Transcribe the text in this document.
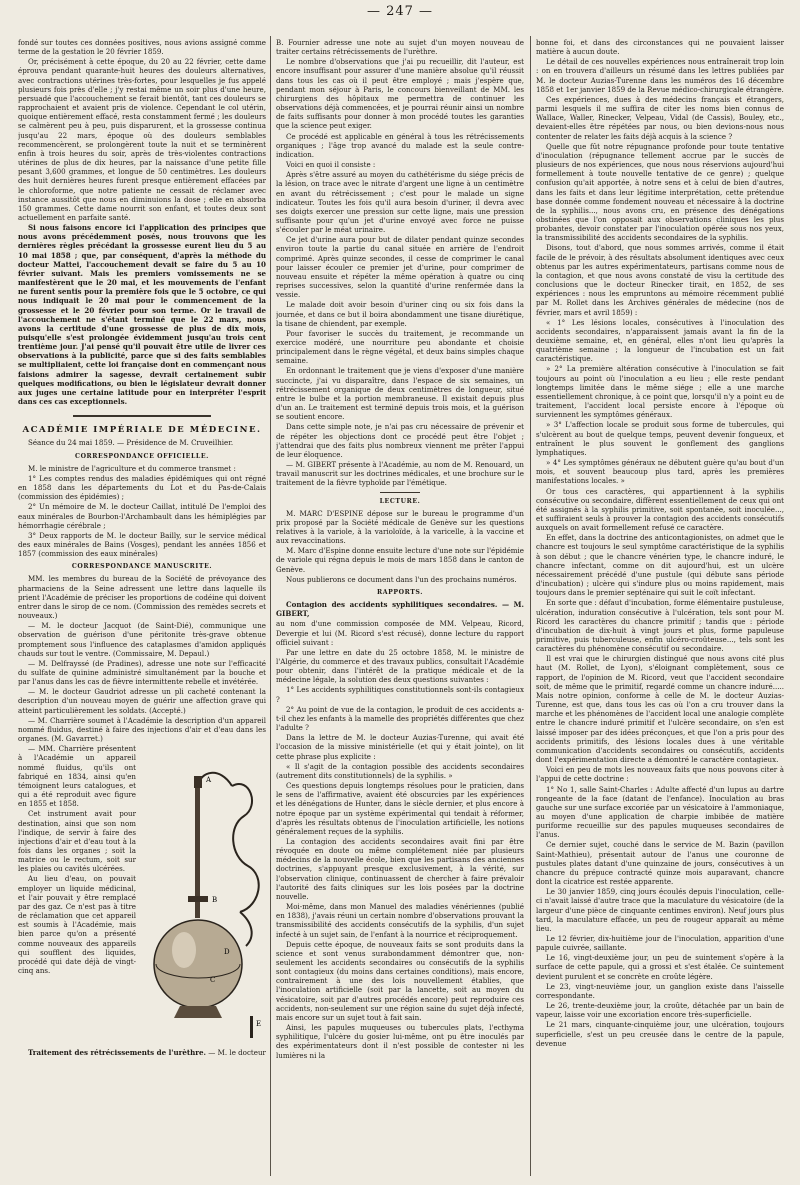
— 247 —

fondé sur toutes ces données positives, nous avions assigné comme terme de la gestation le 20 février 1859.

Or, précisément à cette époque, du 20 au 22 février, cette dame éprouva pendant quarante-huit heures des douleurs alternatives, avec contractions utérines très-fortes, pour lesquelles je fus appelé plusieurs fois près d'elle ; j'y restai même un soir plus d'une heure, persuadé que l'accouchement se ferait bientôt, tant ces douleurs se rapprochaient et avaient pris de violence. Cependant le col utérin, quoique entièrement effacé, resta constamment fermé ; les douleurs se calmèrent peu à peu, puis disparurent, et la grossesse continua jusqu'au 22 mars, époque où des douleurs semblables recommencèrent, se prolongèrent toute la nuit et se terminèrent enfin à trois heures du soir, après de très-violentes contractions utérines de plus de dix heures, par la naissance d'une petite fille pesant 3,600 grammes, et longue de 50 centimètres. Les douleurs des huit dernières heures furent presque entièrement effacées par le chloroforme, que notre patiente ne cessait de réclamer avec instance aussitôt que nous en diminuions la dose ; elle en absorba 150 grammes. Cette dame nourrit son enfant, et toutes deux sont actuellement en parfaite santé.

Si nous faisons encore ici l'application des principes que nous avons précédemment posés, nous trouvons que les dernières règles précédant la grossesse eurent lieu du 5 au 10 mai 1858 ; que, par conséquent, d'après la méthode du docteur Mattei, l'accouchement devait se faire du 5 au 10 février suivant. Mais les premiers vomissements ne se manifestèrent que le 20 mai, et les mouvements de l'enfant ne furent sentis pour la première fois que le 5 octobre, ce qui nous indiquait le 20 mai pour le commencement de la grossesse et le 20 février pour son terme. Or le travail de l'accouchement ne s'étant terminé que le 22 mars, nous avons la certitude d'une grossesse de plus de dix mois, puisqu'elle s'est prolongée évidemment jusqu'au trois cent trentième jour. J'ai pensé qu'il pouvait être utile de livrer ces observations à la publicité, parce que si des faits semblables se multipliaient, cette loi française dont en commençant nous faisions admirer la sagesse, devrait certainement subir quelques modifications, ou bien le législateur devrait donner aux juges une certaine latitude pour en interpréter l'esprit dans ces cas exceptionnels.

ACADÉMIE IMPÉRIALE DE MÉDECINE.

Séance du 24 mai 1859. — Présidence de M. Cruveilhier.

CORRESPONDANCE OFFICIELLE.

M. le ministre de l'agriculture et du commerce transmet :

1° Les comptes rendus des maladies épidémiques qui ont régné en 1858 dans les départements du Lot et du Pas-de-Calais (commission des épidémies) ;

2° Un mémoire de M. le docteur Caillat, intitulé De l'emploi des eaux minérales de Bourbon-l'Archambault dans les hémiplégies par hémorrhagie cérébrale ;

3° Deux rapports de M. le docteur Bailly, sur le service médical des eaux minérales de Bains (Vosges), pendant les années 1856 et 1857 (commission des eaux minérales)

CORRESPONDANCE MANUSCRITE.

MM. les membres du bureau de la Société de prévoyance des pharmaciens de la Seine adressent une lettre dans laquelle ils prient l'Académie de préciser les proportions de codéine qui doivent entrer dans le sirop de ce nom. (Commission des remèdes secrets et nouveaux.)

— M. le docteur Jacquot (de Saint-Dié), communique une observation de guérison d'une péritonite très-grave obtenue promptement sous l'influence des cataplasmes d'amidon appliqués chauds sur tout le ventre. (Commissaire, M. Depaul.)

— M. Delfrayssé (de Pradines), adresse une note sur l'efficacité du sulfate de quinine administré simultanément par la bouche et par l'anus dans les cas de fièvre intermittente rebelle et invétérée.

— M. le docteur Gaudriot adresse un pli cacheté contenant la description d'un nouveau moyen de guérir une affection grave qui atteint particulièrement les soldats. (Accepté.)

— M. Charrière soumet à l'Académie la description d'un appareil nommé fluidus, destiné à faire des injections d'air et d'eau dans les organes. (M. Gavarret.)

A
B
C
D
E

— MM. Charrière présentent à l'Académie un appareil nommé fluidus, qu'ils ont fabriqué en 1834, ainsi qu'en témoignent leurs catalogues, et qui a été reproduit avec figure en 1855 et 1858.

Cet instrument avait pour destination, ainsi que son nom l'indique, de servir à faire des injections d'air et d'eau tout à la fois dans les organes ; soit la matrice ou le rectum, soit sur les plaies ou cavités ulcérées.

Au lieu d'eau, on pouvait employer un liquide médicinal, et l'air pouvait y être remplacé par des gaz. Ce n'est pas à titre de réclamation que cet appareil est soumis à l'Académie, mais bien parce qu'on a présenté comme nouveaux des appareils qui soufflent des liquides, procédé qui date déjà de vingt-cinq ans.

Traitement des rétrécissements de l'urèthre. — M. le docteur

B. Fournier adresse une note au sujet d'un moyen nouveau de traiter certains rétrécissements de l'urèthre.

Le nombre d'observations que j'ai pu recueillir, dit l'auteur, est encore insuffisant pour assurer d'une manière absolue qu'il réussit dans tous les cas où il peut être employé ; mais j'espère que, pendant mon séjour à Paris, le concours bienveillant de MM. les chirurgiens des hôpitaux me permettra de continuer les observations déjà commencées, et je pourrai réunir ainsi un nombre de faits suffisants pour donner à mon procédé toutes les garanties que la science peut exiger.

Ce procédé est applicable en général à tous les rétrécissements organiques ; l'âge trop avancé du malade est la seule contre-indication.

Voici en quoi il consiste :

Après s'être assuré au moyen du cathétérisme du siége précis de la lésion, on trace avec le nitrate d'argent une ligne à un centimètre en avant du rétrécissement ; c'est pour le malade un signe indicateur. Toutes les fois qu'il aura besoin d'uriner, il devra avec ses doigts exercer une pression sur cette ligne, mais une pression suffisante pour qu'un jet d'urine envoyé avec force ne puisse s'écouler par le méat urinaire.

Ce jet d'urine aura pour but de dilater pendant quinze secondes environ toute la partie du canal située en arrière de l'endroit comprimé. Après quinze secondes, il cesse de comprimer le canal pour laisser écouler ce premier jet d'urine, pour comprimer de nouveau ensuite et répéter la même opération à quatre ou cinq reprises successives, selon la quantité d'urine renfermée dans la vessie.

Le malade doit avoir besoin d'uriner cinq ou six fois dans la journée, et dans ce but il boira abondamment une tisane diurétique, la tisane de chiendent, par exemple.

Pour favoriser le succès du traitement, je recommande un exercice modéré, une nourriture peu abondante et choisie principalement dans le règne végétal, et deux bains simples chaque semaine.

En ordonnant le traitement que je viens d'exposer d'une manière succincte, j'ai vu disparaître, dans l'espace de six semaines, un rétrécissement organique de deux centimètres de longueur, situé entre le bulbe et la portion membraneuse. Il existait depuis plus d'un an. Le traitement est terminé depuis trois mois, et la guérison se soutient encore.

Dans cette simple note, je n'ai pas cru nécessaire de prévenir et de répéter les objections dont ce procédé peut être l'objet ; j'attendrai que des faits plus nombreux viennent me prêter l'appui de leur éloquence.

— M. GIBERT présente à l'Académie, au nom de M. Renouard, un travail manuscrit sur les doctrines médicales, et une brochure sur le traitement de la fièvre typhoïde par l'émétique.

LECTURE.

M. MARC D'ESPINE dépose sur le bureau le programme d'un prix proposé par la Société médicale de Genève sur les questions relatives à la variole, à la varioloïde, à la varicelle, à la vaccine et aux revaccinations.

M. Marc d'Espine donne ensuite lecture d'une note sur l'épidémie de variole qui régna depuis le mois de mars 1858 dans le canton de Genève.

Nous publierons ce document dans l'un des prochains numéros.

RAPPORTS.

Contagion des accidents syphilitiques secondaires. — M. GIBERT,

au nom d'une commission composée de MM. Velpeau, Ricord, Devergie et lui (M. Ricord s'est récusé), donne lecture du rapport officiel suivant :

Par une lettre en date du 25 octobre 1858, M. le ministre de l'Algérie, du commerce et des travaux publics, consultait l'Académie pour obtenir, dans l'intérêt de la pratique médicale et de la médecine légale, la solution des deux questions suivantes :

1° Les accidents syphilitiques constitutionnels sont-ils contagieux ?

2° Au point de vue de la contagion, le produit de ces accidents a-t-il chez les enfants à la mamelle des propriétés différentes que chez l'adulte ?

Dans la lettre de M. le docteur Auzias-Turenne, qui avait été l'occasion de la missive ministérielle (et qui y était jointe), on lit cette phrase plus explicite :

« Il s'agit de la contagion possible des accidents secondaires (autrement dits constitutionnels) de la syphilis. »

Ces questions depuis longtemps résolues pour le praticien, dans le sens de l'affirmative, avaient été obscurcies par les expériences et les dénégations de Hunter, dans le siècle dernier, et plus encore à notre époque par un système expérimental qui tendait à réformer, d'après les résultats obtenus de l'inoculation artificielle, les notions généralement reçues de la syphilis.

La contagion des accidents secondaires avait fini par être révoquée en doute ou même complétement niée par plusieurs médecins de la nouvelle école, bien que les partisans des anciennes doctrines, s'appuyant presque exclusivement, à la vérité, sur l'observation clinique, continuassent de chercher à faire prévaloir l'autorité des faits cliniques sur les lois posées par la doctrine nouvelle.

Moi-même, dans mon Manuel des maladies vénériennes (publié en 1838), j'avais réuni un certain nombre d'observations prouvant la transmissibilité des accidents consécutifs de la syphilis, d'un sujet infecté à un sujet sain, de l'enfant à la nourrice et réciproquement.

Depuis cette époque, de nouveaux faits se sont produits dans la science et sont venus surabondamment démontrer que, non-seulement les accidents secondaires ou consécutifs de la syphilis sont contagieux (du moins dans certaines conditions), mais encore, contrairement à une des lois nouvellement établies, que l'inoculation artificielle (soit par la lancette, soit au moyen du vésicatoire, soit par d'autres procédés encore) peut reproduire ces accidents, non-seulement sur une région saine du sujet déjà infecté, mais encore sur un sujet tout à fait sain.

Ainsi, les papules muqueuses ou tubercules plats, l'ecthyma syphilitique, l'ulcère du gosier lui-même, ont pu être inoculés par des expérimentateurs dont il n'est possible de contester ni les lumières ni la

bonne foi, et dans des circonstances qui ne pouvaient laisser matière à aucun doute.

Le détail de ces nouvelles expériences nous entraînerait trop loin : on en trouvera d'ailleurs un résumé dans les lettres publiées par M. le docteur Auzias-Turenne dans les numéros des 16 décembre 1858 et 1er janvier 1859 de la Revue médico-chirurgicale étrangère.

Ces expériences, dues à des médecins français et étrangers, parmi lesquels il me suffira de citer les noms bien connus de Wallace, Waller, Rinecker, Velpeau, Vidal (de Cassis), Bouley, etc., devaient-elles être répétées par nous, ou bien devions-nous nous contenter de relater les faits déjà acquis à la science ?

Quelle que fût notre répugnance profonde pour toute tentative d'inoculation (répugnance tellement accrue par le succès de plusieurs de nos expériences, que nous nous réservions aujourd'hui formellement à toute nouvelle tentative de ce genre) ; quelque confusion qu'ait apportée, à notre sens et à celui de bien d'autres, dans les faits et dans leur légitime interprétation, cette prétendue base donnée comme fondement nouveau et nécessaire à la doctrine de la syphilis..., nous avons cru, en présence des dénégations obstinées que l'on opposait aux observations cliniques les plus probantes, devoir constater par l'inoculation opérée sous nos yeux, la transmissibilité des accidents secondaires de la syphilis.

Disons, tout d'abord, que nous sommes arrivés, comme il était facile de le prévoir, à des résultats absolument identiques avec ceux obtenus par les autres expérimentateurs, partisans comme nous de la contagion, et que nous avons constaté de visu la certitude des conclusions que le docteur Rinecker tirait, en 1852, de ses expériences : nous les empruntons au mémoire récemment publié par M. Rollet dans les Archives générales de médecine (nos de février, mars et avril 1859) :

« 1° Les lésions locales, consécutives à l'inoculation des accidents secondaires, n'apparaissent jamais avant la fin de la deuxième semaine, et, en général, elles n'ont lieu qu'après la quatrième semaine ; la longueur de l'incubation est un fait caractéristique.

» 2° La première altération consécutive à l'inoculation se fait toujours au point où l'inoculation a eu lieu ; elle reste pendant longtemps limitée dans le même siége ; elle a une marche essentiellement chronique, à ce point que, lorsqu'il n'y a point eu de traitement, l'accident local persiste encore à l'époque où surviennent les symptômes généraux.

» 3° L'affection locale se produit sous forme de tubercules, qui s'ulcèrent au bout de quelque temps, peuvent devenir fongueux, et entraînent le plus souvent le gonflement des ganglions lymphatiques.

» 4° Les symptômes généraux ne débutent guère qu'au bout d'un mois, et souvent beaucoup plus tard, après les premières manifestations locales. »

Or tous ces caractères, qui appartiennent à la syphilis consécutive ou secondaire, diffèrent essentiellement de ceux qui ont été assignés à la syphilis primitive, soit spontanée, soit inoculée..., et suffiraient seuls à prouver la contagion des accidents consécutifs auxquels on avait formellement refusé ce caractère.

En effet, dans la doctrine des anticontagionistes, on admet que le chancre est toujours le seul symptôme caractéristique de la syphilis à son début ; que le chancre vénérien type, le chancre induré, le chancre infectant, comme on dit aujourd'hui, est un ulcère nécessairement précédé d'une pustule (qui débute sans période d'incubation) ; ulcère qui s'indure plus ou moins rapidement, mais toujours dans le premier septénaire qui suit le coït infectant.

En sorte que : défaut d'incubation, forme élémentaire pustuleuse, ulcération, induration consécutive à l'ulcération, tels sont pour M. Ricord les caractères du chancre primitif ; tandis que : période d'incubation de dix-huit à vingt jours et plus, forme papuleuse primitive, puis tuberculeuse, enfin ulcéro-croûteuse..., tels sont les caractères du phénomène consécutif ou secondaire.

Il est vrai que le chirurgien distingué que nous avons cité plus haut (M. Rollet, de Lyon), s'éloignant complètement, sous ce rapport, de l'opinion de M. Ricord, veut que l'accident secondaire soit, de même que le primitif, regardé comme un chancre induré..... Mais notre opinion, conforme à celle de M. le docteur Auzias-Turenne, est que, dans tous les cas où l'on a cru trouver dans la marche et les phénomènes de l'accident local une analogie complète entre le chancre induré primitif et l'ulcère secondaire, on s'en est laissé imposer par des idées préconçues, et que l'on a pris pour des accidents primitifs, des lésions locales dues à une véritable communication d'accidents secondaires ou consécutifs, accidents dont l'expérimentation directe a démontré le caractère contagieux.

Voici en peu de mots les nouveaux faits que nous pouvons citer à l'appui de cette doctrine :

1° No 1, salle Saint-Charles : Adulte affecté d'un lupus au dartre rongeante de la face (datant de l'enfance). Inoculation au bras gauche sur une surface excoriée par un vésicatoire à l'ammoniaque, au moyen d'une application de charpie imbibée de matière puriforme recueillie sur des papules muqueuses secondaires de l'anus.

Ce dernier sujet, couché dans le service de M. Bazin (pavillon Saint-Mathieu), présentait autour de l'anus une couronne de pustules plates datant d'une quinzaine de jours, consécutives à un chancre du prépuce contracté quinze mois auparavant, chancre dont la cicatrice est restée apparente.

Le 30 janvier 1859, cinq jours écoulés depuis l'inoculation, celle-ci n'avait laissé d'autre trace que la maculature du vésicatoire (de la largeur d'une pièce de cinquante centimes environ). Neuf jours plus tard, la maculature effacée, un peu de rougeur apparaît au même lieu.

Le 12 février, dix-huitième jour de l'inoculation, apparition d'une papule cuivrée, saillante.

Le 16, vingt-deuxième jour, un peu de suintement s'opère à la surface de cette papule, qui a grossi et s'est étalée. Ce suintement devient purulent et se concrète en croûte légère.

Le 23, vingt-neuvième jour, un ganglion existe dans l'aisselle correspondante.

Le 26, trente-deuxième jour, la croûte, détachée par un bain de vapeur, laisse voir une excoriation encore très-superficielle.

Le 21 mars, cinquante-cinquième jour, une ulcération, toujours superficielle, s'est un peu creusée dans le centre de la papule, devenue
